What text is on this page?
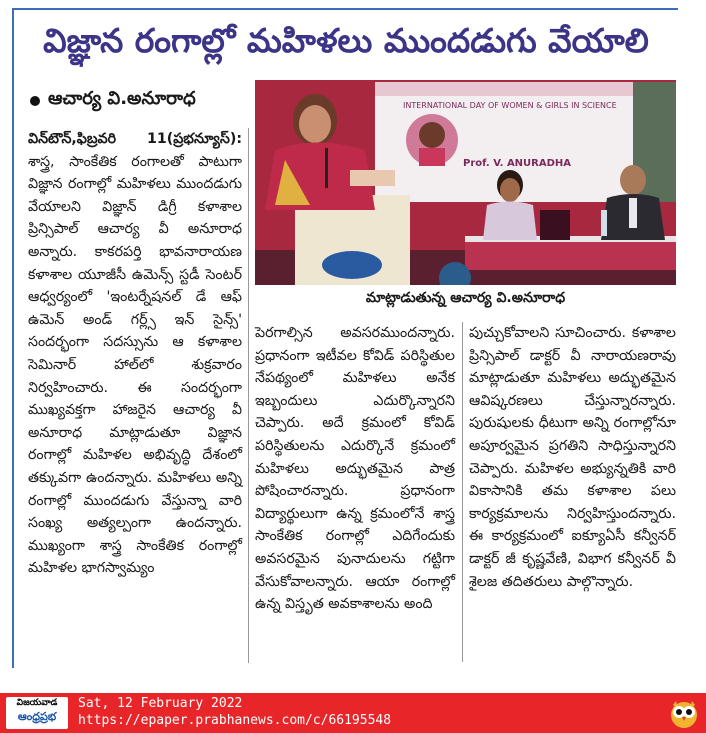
విజ్ఞాన రంగాల్లో మహిళలు ముందడుగు వేయాలి
ఆచార్య వి.అనూరాధ	INTERNATIONAL DAY OF WOMEN & GIRLS IN SCIENCE
Prof. V. ANURADHA
మాట్లాడుతున్న ఆచార్య వి.అనూరాధ

విన్‌టౌన్,ఫిబ్రవరి 11(ప్రభన్యూస్): శాస్త్ర, సాంకేతిక రంగాలతో పాటుగా విజ్ఞాన రంగాల్లో మహిళలు ముందడుగు వేయాలని విజ్ఞాన్ డిగ్రీ కళాశాల ప్రిన్సిపాల్ ఆచార్య వీ అనూరాధ అన్నారు. కాకరపర్తి భావనారాయణ కళాశాల యూజీసీ ఉమెన్స్ స్టడీ సెంటర్ ఆధ్వర్యంలో 'ఇంటర్నేషనల్ డే ఆఫ్ ఉమెన్ అండ్ గర్ల్స్ ఇన్ సైన్స్' సందర్భంగా సదస్సును ఆ కళాశాల సెమినార్ హాల్‌లో శుక్రవారం నిర్వహించారు. ఈ సందర్భంగా ముఖ్యవక్తగా హాజరైన ఆచార్య వీ అనూరాధ మాట్లాడుతూ విజ్ఞాన రంగాల్లో మహిళల అభివృద్ధి దేశంలో తక్కువగా ఉందన్నారు. మహిళలు అన్ని రంగాల్లో ముందడుగు వేస్తున్నా వారి సంఖ్య అత్యల్పంగా ఉందన్నారు. ముఖ్యంగా శాస్త్ర సాంకేతిక రంగాల్లో మహిళల భాగస్వామ్యం

పెరగాల్సిన అవసరముందన్నారు. ప్రధానంగా ఇటీవల కోవిడ్ పరిస్థితుల నేపథ్యంలో మహిళలు అనేక ఇబ్బందులు ఎదుర్కొన్నారని చెప్పారు. అదే క్రమంలో కోవిడ్ పరిస్థితులను ఎదుర్కొనే క్రమంలో మహిళలు అద్భుతమైన పాత్ర పోషించారన్నారు. ప్రధానంగా విద్యార్థులుగా ఉన్న క్రమంలోనే శాస్త్ర సాంకేతిక రంగాల్లో ఎదిగేందుకు అవసరమైన పునాదులను గట్టిగా వేసుకోవాలన్నారు. ఆయా రంగాల్లో ఉన్న విస్తృత అవకాశాలను అంది

పుచ్చుకోవాలని సూచించారు. కళాశాల ప్రిన్సిపాల్ డాక్టర్ వీ నారాయణరావు మాట్లాడుతూ మహిళలు అద్భుతమైన ఆవిష్కరణలు చేస్తున్నారన్నారు. పురుషులకు ధీటుగా అన్ని రంగాల్లోనూ అపూర్వమైన ప్రగతిని సాధిస్తున్నారని చెప్పారు. మహిళల అభ్యున్నతికి వారి వికాసానికి తమ కళాశాల పలు కార్యక్రమాలను నిర్వహిస్తుందన్నారు. ఈ కార్యక్రమంలో ఐక్యూఏసీ కన్వీనర్ డాక్టర్ జీ కృష్ణవేణి, విభాగ కన్వీనర్ వీ శైలజ తదితరులు పాల్గొన్నారు.

విజయవాడ
ఆంధ్రప్రభ
Sat, 12 February 2022
https://epaper.prabhanews.com/c/66195548
